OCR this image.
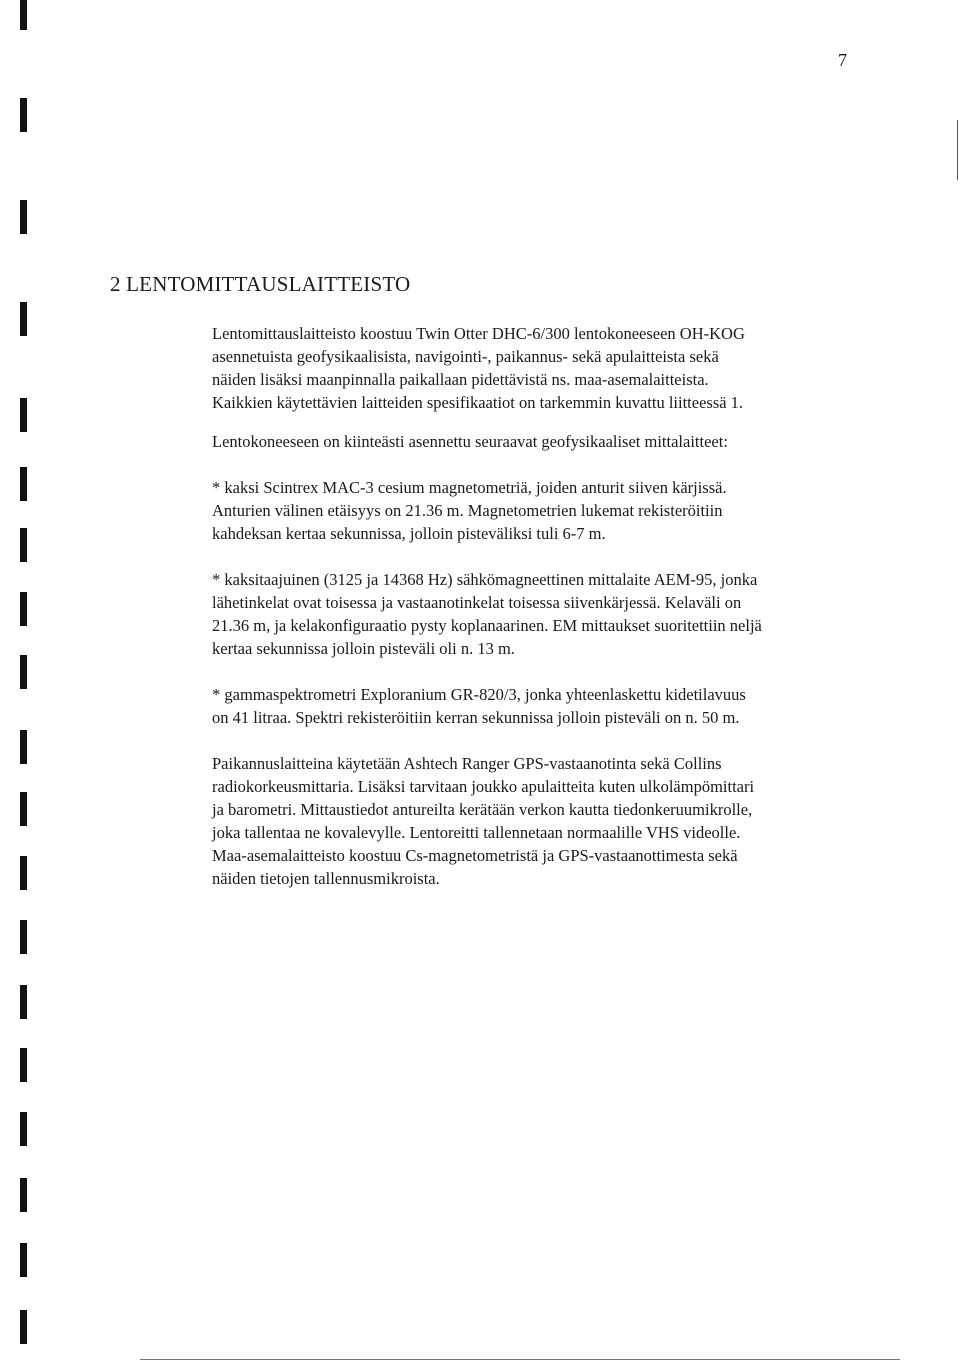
7
2 LENTOMITTAUSLAITTEISTO

Lentomittauslaitteisto koostuu Twin Otter DHC-6/300 lentokoneeseen OH-KOG
asennetuista geofysikaalisista, navigointi-, paikannus- sekä apulaitteista sekä
näiden lisäksi maanpinnalla paikallaan pidettävistä ns. maa-asemalaitteista.
Kaikkien käytettävien laitteiden spesifikaatiot on tarkemmin kuvattu liitteessä 1.

Lentokoneeseen on kiinteästi asennettu seuraavat geofysikaaliset mittalaitteet:

* kaksi Scintrex MAC-3 cesium magnetometriä, joiden anturit siiven kärjissä.
Anturien välinen etäisyys on 21.36 m. Magnetometrien lukemat rekisteröitiin
kahdeksan kertaa sekunnissa, jolloin pisteväliksi tuli 6-7 m.

* kaksitaajuinen (3125 ja 14368 Hz) sähkömagneettinen mittalaite AEM-95, jonka
lähetinkelat ovat toisessa ja vastaanotinkelat toisessa siivenkärjessä. Kelaväli on
21.36 m, ja kelakonfiguraatio pysty koplanaarinen. EM mittaukset suoritettiin neljä
kertaa sekunnissa jolloin pisteväli oli n. 13 m.

* gammaspektrometri Exploranium GR-820/3, jonka yhteenlaskettu kidetilavuus
on 41 litraa. Spektri rekisteröitiin kerran sekunnissa jolloin pisteväli on n. 50 m.

Paikannuslaitteina käytetään Ashtech Ranger GPS-vastaanotinta sekä Collins
radiokorkeusmittaria. Lisäksi tarvitaan joukko apulaitteita kuten ulkolämpömittari
ja barometri. Mittaustiedot antureilta kerätään verkon kautta tiedonkeruumikrolle,
joka tallentaa ne kovalevylle. Lentoreitti tallennetaan normaalille VHS videolle.
Maa-asemalaitteisto koostuu Cs-magnetometristä ja GPS-vastaanottimesta sekä
näiden tietojen tallennusmikroista.
